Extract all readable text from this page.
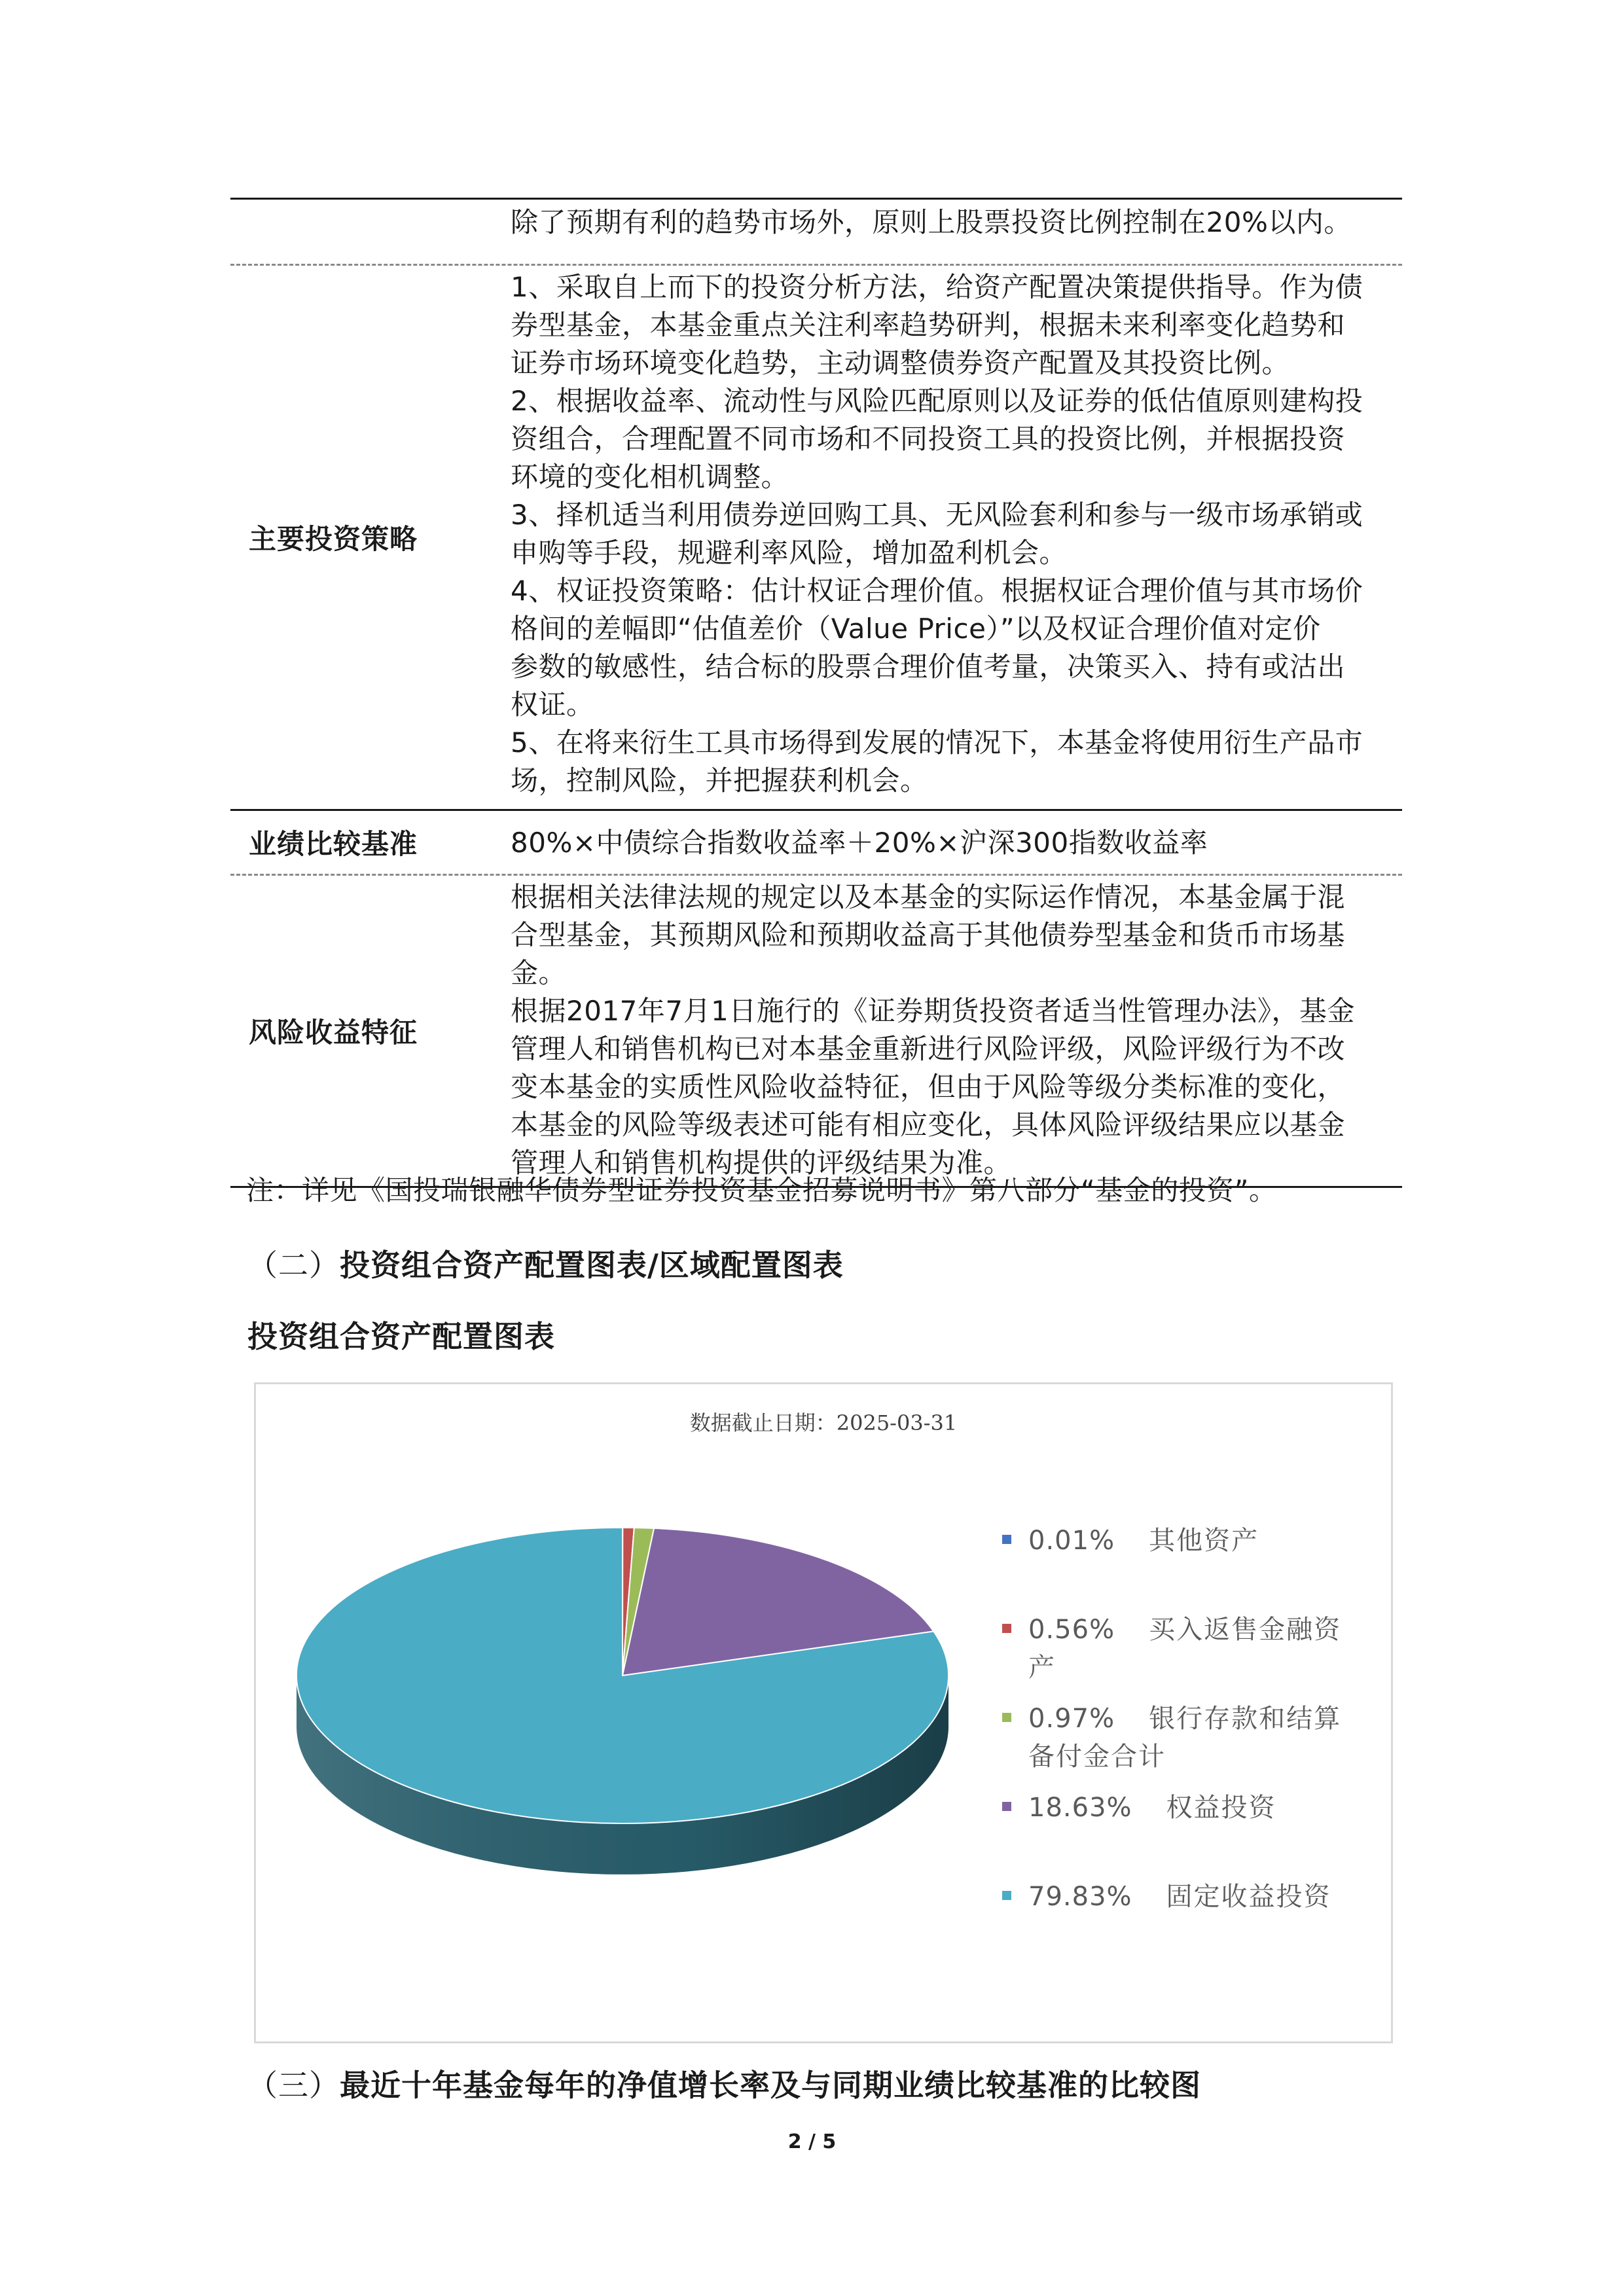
除了预期有利的趋势市场外，原则上股票投资比例控制在20%以内。
主要投资策略
1、采取自上而下的投资分析方法，给资产配置决策提供指导。作为债
券型基金，本基金重点关注利率趋势研判，根据未来利率变化趋势和
证券市场环境变化趋势，主动调整债券资产配置及其投资比例。
2、根据收益率、流动性与风险匹配原则以及证券的低估值原则建构投
资组合，合理配置不同市场和不同投资工具的投资比例，并根据投资
环境的变化相机调整。
3、择机适当利用债券逆回购工具、无风险套利和参与一级市场承销或
申购等手段，规避利率风险，增加盈利机会。
4、权证投资策略：估计权证合理价值。根据权证合理价值与其市场价
格间的差幅即“估值差价（Value Price）”以及权证合理价值对定价
参数的敏感性，结合标的股票合理价值考量，决策买入、持有或沽出
权证。
5、在将来衍生工具市场得到发展的情况下，本基金将使用衍生产品市
场，控制风险，并把握获利机会。
业绩比较基准	80%×中债综合指数收益率＋20%×沪深300指数收益率
风险收益特征
根据相关法律法规的规定以及本基金的实际运作情况，本基金属于混
合型基金，其预期风险和预期收益高于其他债券型基金和货币市场基
金。
根据2017年7月1日施行的《证券期货投资者适当性管理办法》，基金
管理人和销售机构已对本基金重新进行风险评级，风险评级行为不改
变本基金的实质性风险收益特征，但由于风险等级分类标准的变化，
本基金的风险等级表述可能有相应变化，具体风险评级结果应以基金
管理人和销售机构提供的评级结果为准。
注：详见《国投瑞银融华债券型证券投资基金招募说明书》第八部分“基金的投资”。
（二）投资组合资产配置图表/区域配置图表
投资组合资产配置图表
数据截止日期：2025-03-31
0.01% 其他资产
0.56% 买入返售金融资产
0.97% 银行存款和结算备付金合计
18.63% 权益投资
79.83% 固定收益投资
（三）最近十年基金每年的净值增长率及与同期业绩比较基准的比较图
2 / 5
